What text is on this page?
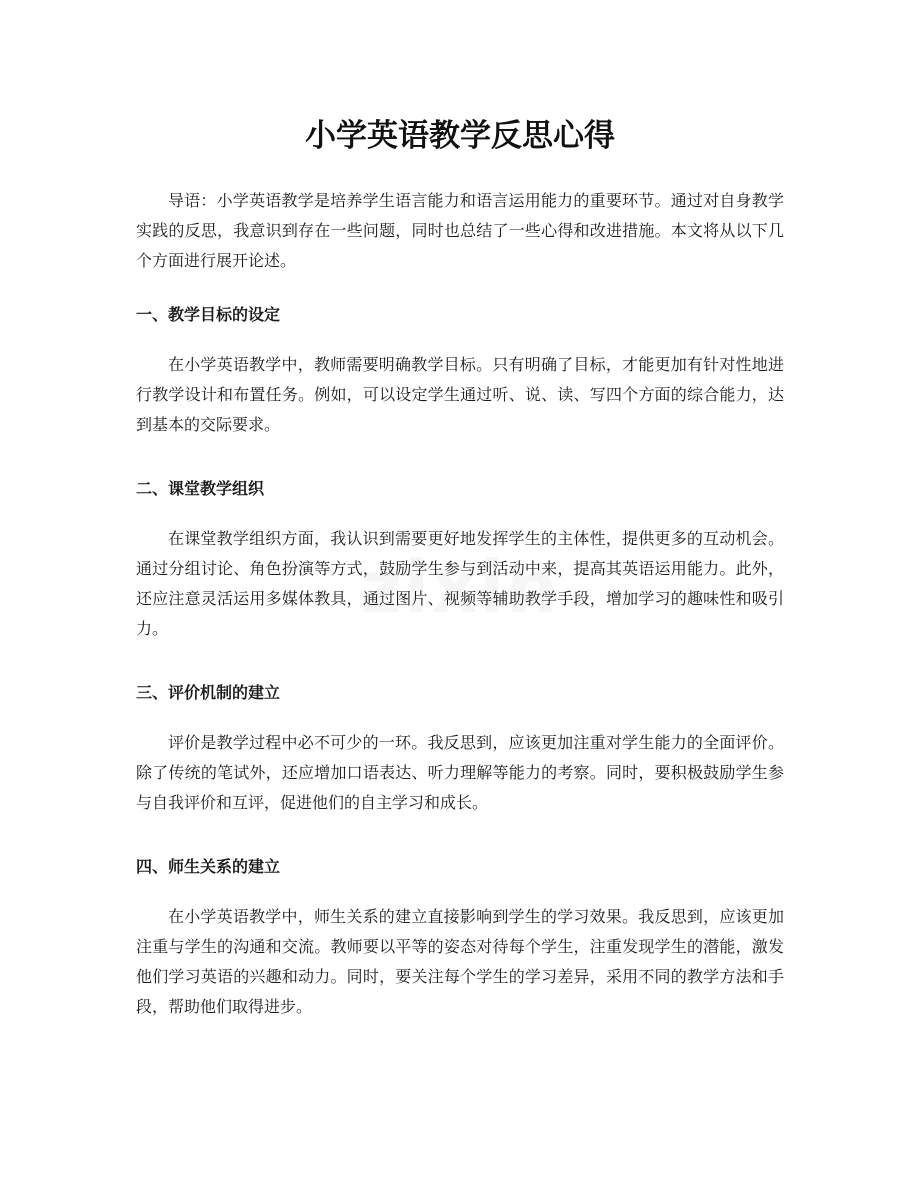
小学英语教学反思心得

导语：小学英语教学是培养学生语言能力和语言运用能力的重要环节。通过对自身教学实践的反思，我意识到存在一些问题，同时也总结了一些心得和改进措施。本文将从以下几个方面进行展开论述。

一、教学目标的设定

在小学英语教学中，教师需要明确教学目标。只有明确了目标，才能更加有针对性地进行教学设计和布置任务。例如，可以设定学生通过听、说、读、写四个方面的综合能力，达到基本的交际要求。

二、课堂教学组织

在课堂教学组织方面，我认识到需要更好地发挥学生的主体性，提供更多的互动机会。通过分组讨论、角色扮演等方式，鼓励学生参与到活动中来，提高其英语运用能力。此外，还应注意灵活运用多媒体教具，通过图片、视频等辅助教学手段，增加学习的趣味性和吸引力。

三、评价机制的建立

评价是教学过程中必不可少的一环。我反思到，应该更加注重对学生能力的全面评价。除了传统的笔试外，还应增加口语表达、听力理解等能力的考察。同时，要积极鼓励学生参与自我评价和互评，促进他们的自主学习和成长。

四、师生关系的建立

在小学英语教学中，师生关系的建立直接影响到学生的学习效果。我反思到，应该更加注重与学生的沟通和交流。教师要以平等的姿态对待每个学生，注重发现学生的潜能，激发他们学习英语的兴趣和动力。同时，要关注每个学生的学习差异，采用不同的教学方法和手段，帮助他们取得进步。
